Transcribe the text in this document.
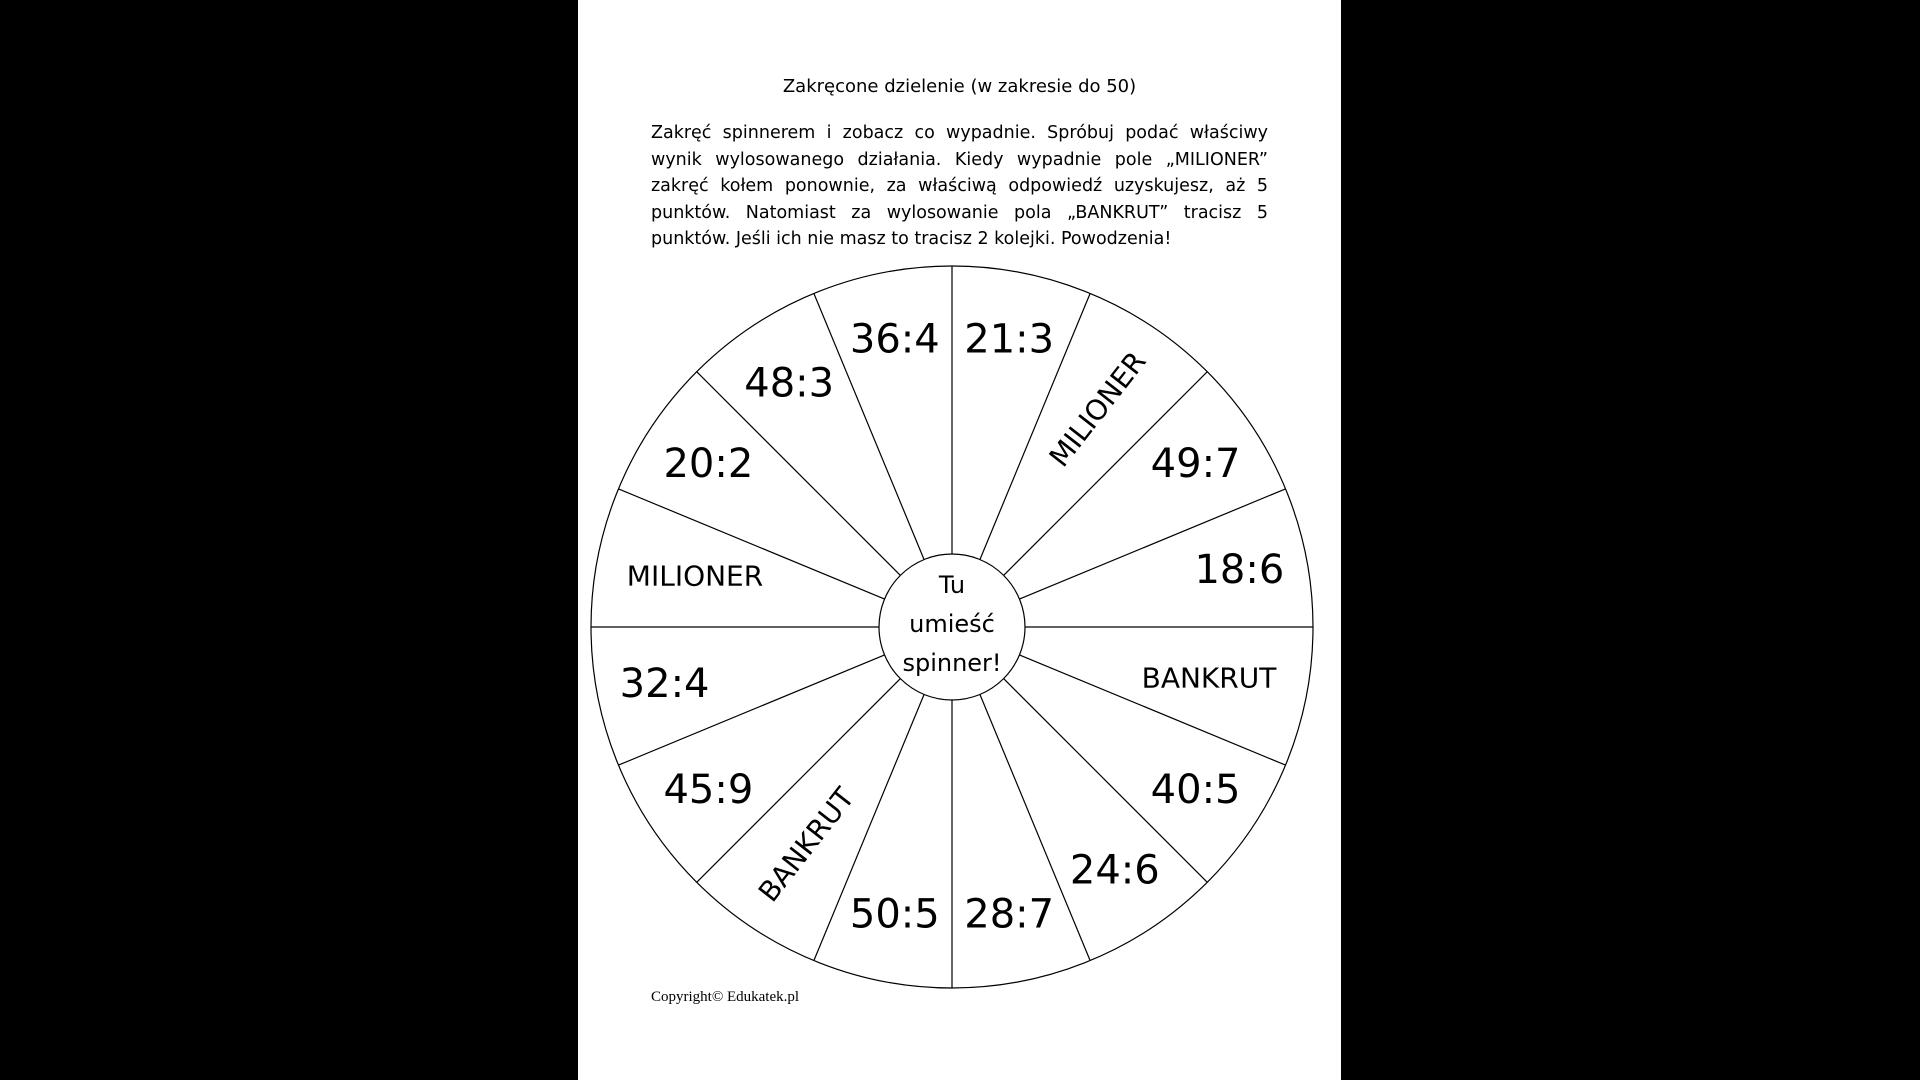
Zakręcone dzielenie (w zakresie do 50)
Zakręć spinnerem i zobacz co wypadnie. Spróbuj podać właściwy wynik wylosowanego działania. Kiedy wypadnie pole „MILIONER” zakręć kołem ponownie, za właściwą odpowiedź uzyskujesz, aż 5 punktów. Natomiast za wylosowanie pola „BANKRUT” tracisz 5 punktów. Jeśli ich nie masz to tracisz 2 kolejki. Powodzenia!
21:3
MILIONER
49:7
18:6
BANKRUT
40:5
24:6
28:7
50:5
BANKRUT
45:9
32:4
MILIONER
20:2
48:3
36:4
Tu
umieść
spinner!
Copyright© Edukatek.pl
